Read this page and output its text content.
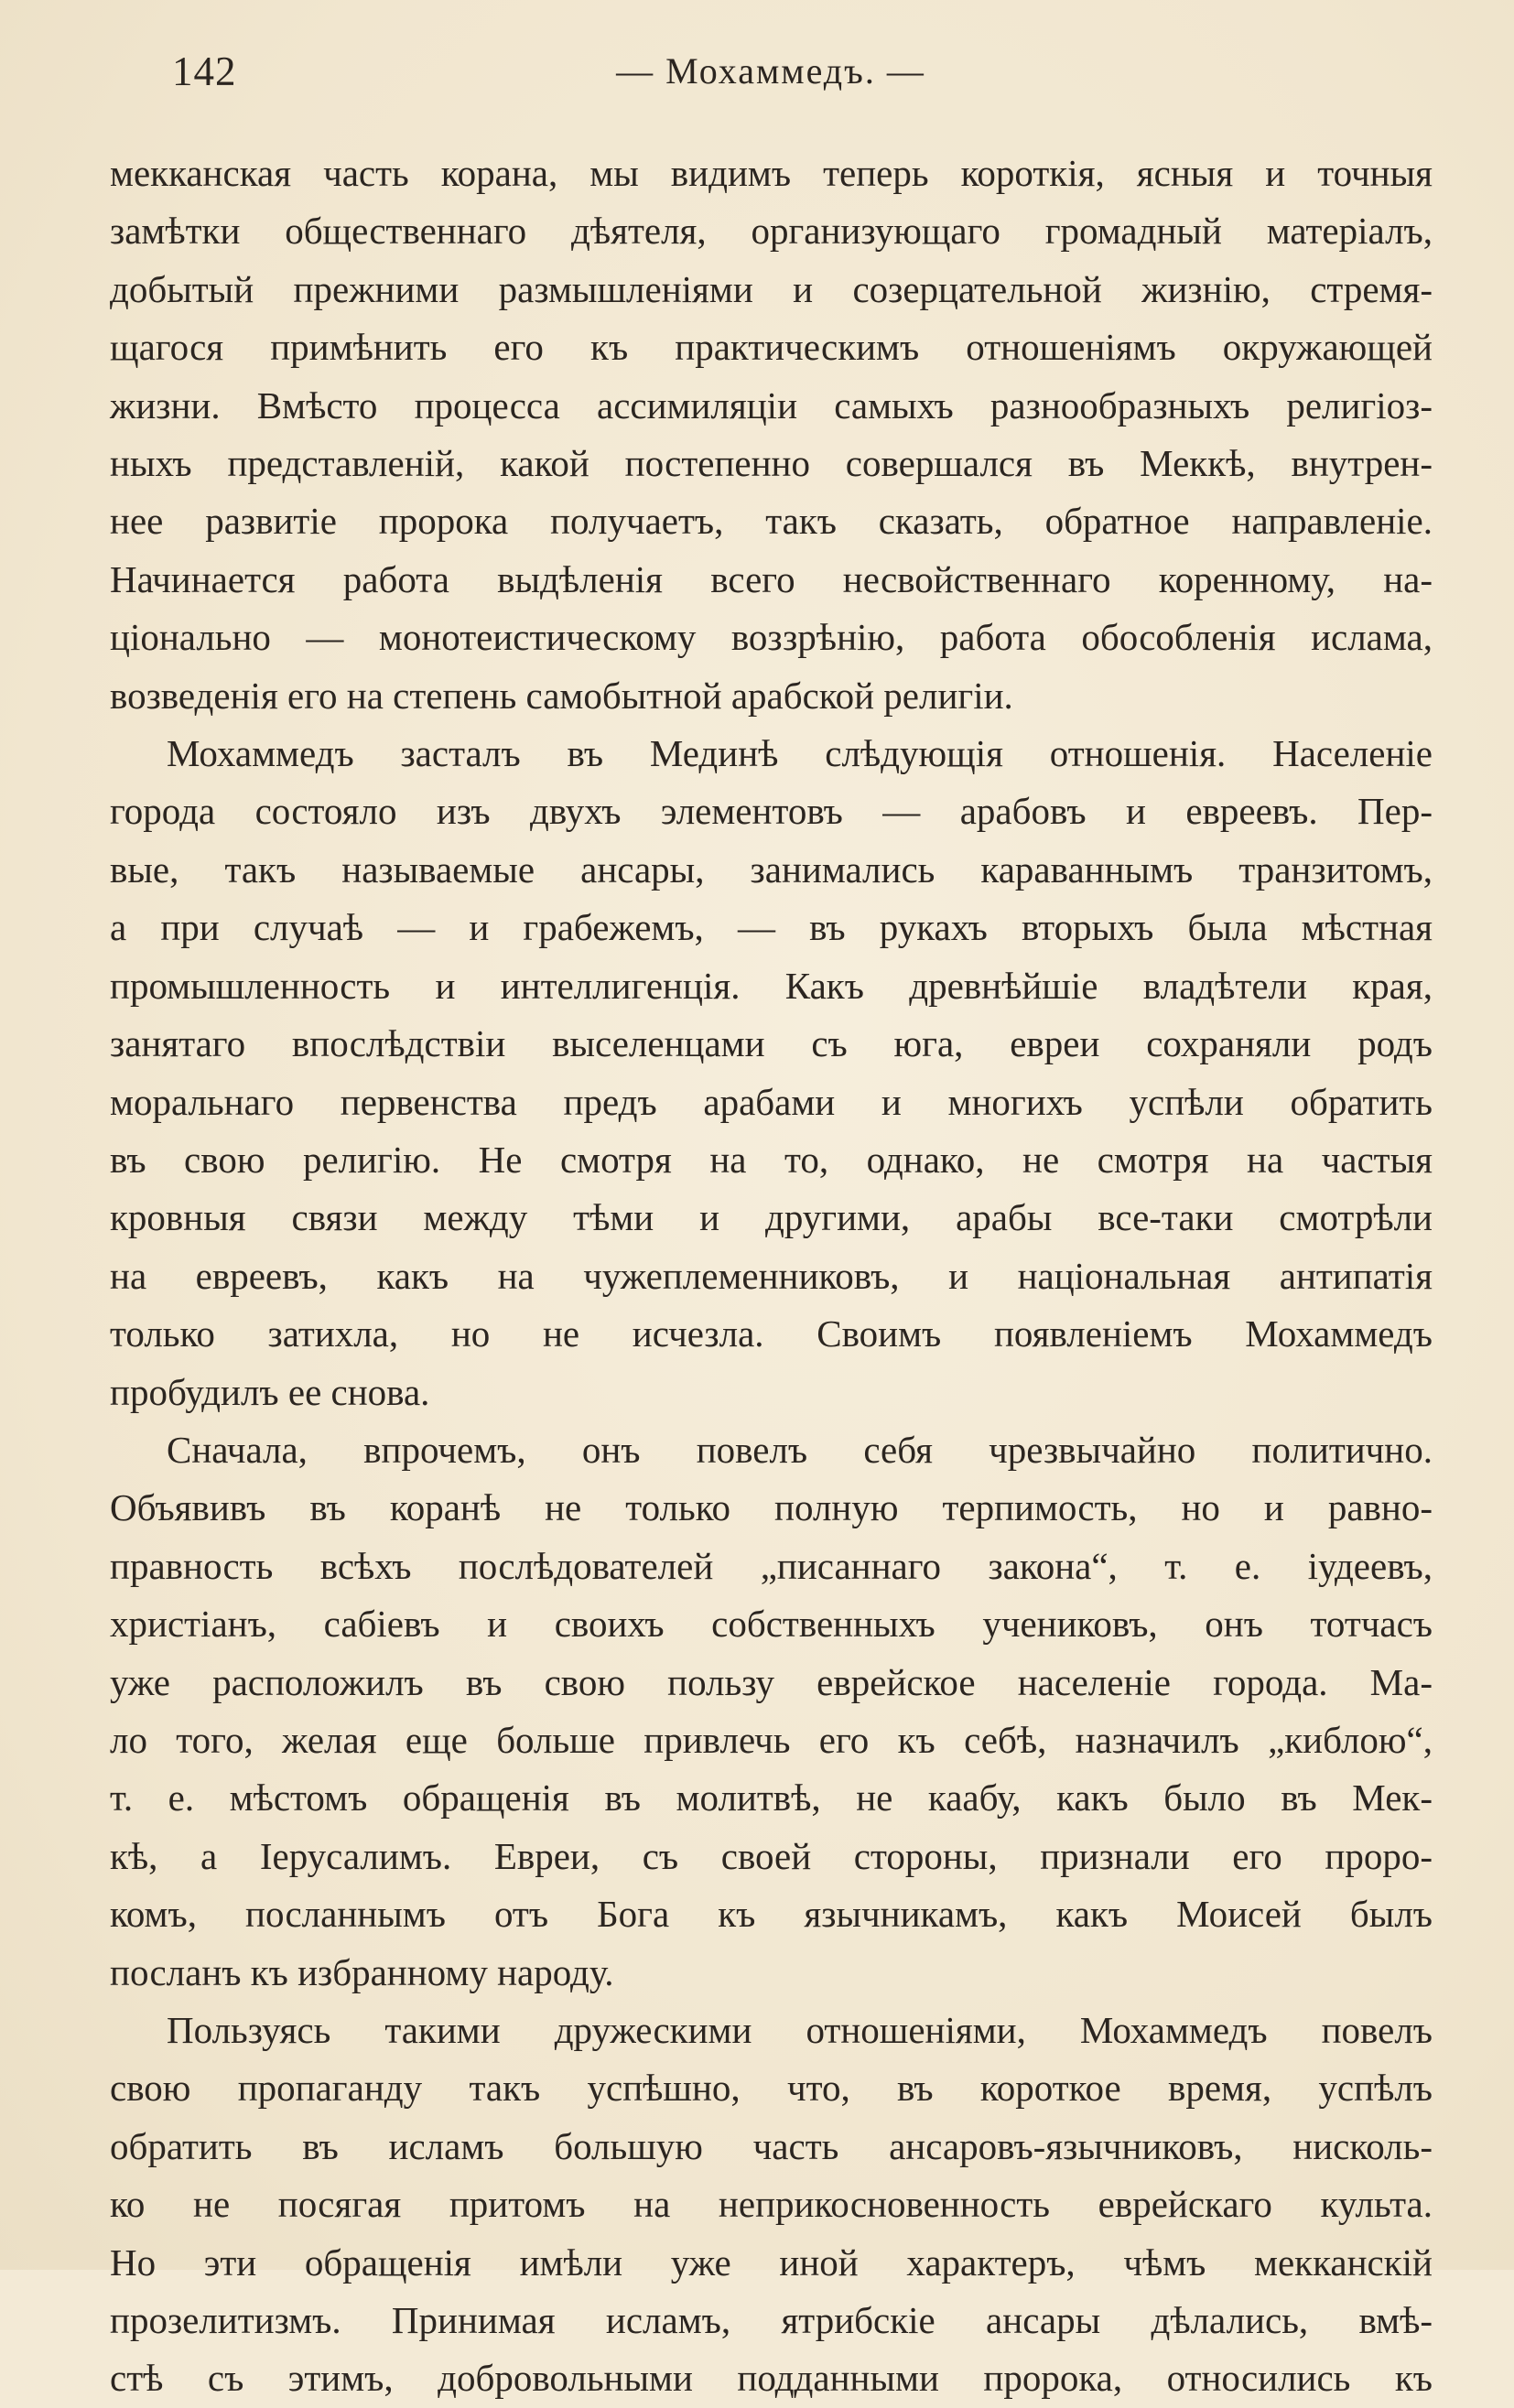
142	— Мохаммедъ. —

мекканская часть корана, мы видимъ теперь короткія, ясныя и точныя
замѣтки общественнаго дѣятеля, организующаго громадный матеріалъ,
добытый прежними размышленіями и созерцательной жизнію, стремя-
щагося примѣнить его къ практическимъ отношеніямъ окружающей
жизни. Вмѣсто процесса ассимиляціи самыхъ разнообразныхъ религіоз-
ныхъ представленій, какой постепенно совершался въ Меккѣ, внутрен-
нее развитіе пророка получаетъ, такъ сказать, обратное направленіе.
Начинается работа выдѣленія всего несвойственнаго коренному, на-
ціонально — монотеистическому воззрѣнію, работа обособленія ислама,
возведенія его на степень самобытной арабской религіи.

Мохаммедъ засталъ въ Мединѣ слѣдующія отношенія. Населеніе
города состояло изъ двухъ элементовъ — арабовъ и евреевъ. Пер-
вые, такъ называемые ансары, занимались караваннымъ транзитомъ,
а при случаѣ — и грабежемъ, — въ рукахъ вторыхъ была мѣстная
промышленность и интеллигенція. Какъ древнѣйшіе владѣтели края,
занятаго впослѣдствіи выселенцами съ юга, евреи сохраняли родъ
моральнаго первенства предъ арабами и многихъ успѣли обратить
въ свою религію. Не смотря на то, однако, не смотря на частыя
кровныя связи между тѣми и другими, арабы все-таки смотрѣли
на евреевъ, какъ на чужеплеменниковъ, и національная антипатія
только затихла, но не исчезла. Своимъ появленіемъ Мохаммедъ
пробудилъ ее снова.

Сначала, впрочемъ, онъ повелъ себя чрезвычайно политично.
Объявивъ въ коранѣ не только полную терпимость, но и равно-
правность всѣхъ послѣдователей „писаннаго закона“, т. е. іудеевъ,
христіанъ, сабіевъ и своихъ собственныхъ учениковъ, онъ тотчасъ
уже расположилъ въ свою пользу еврейское населеніе города. Ма-
ло того, желая еще больше привлечь его къ себѣ, назначилъ „киблою“,
т. е. мѣстомъ обращенія въ молитвѣ, не каабу, какъ было въ Мек-
кѣ, а Іерусалимъ. Евреи, съ своей стороны, признали его проро-
комъ, посланнымъ отъ Бога къ язычникамъ, какъ Моисей былъ
посланъ къ избранному народу.

Пользуясь такими дружескими отношеніями, Мохаммедъ повелъ
свою пропаганду такъ успѣшно, что, въ короткое время, успѣлъ
обратить въ исламъ большую часть ансаровъ-язычниковъ, нисколь-
ко не посягая притомъ на неприкосновенность еврейскаго культа.
Но эти обращенія имѣли уже иной характеръ, чѣмъ мекканскій
прозелитизмъ. Принимая исламъ, ятрибскіе ансары дѣлались, вмѣ-
стѣ съ этимъ, добровольными подданными пророка, относились къ
